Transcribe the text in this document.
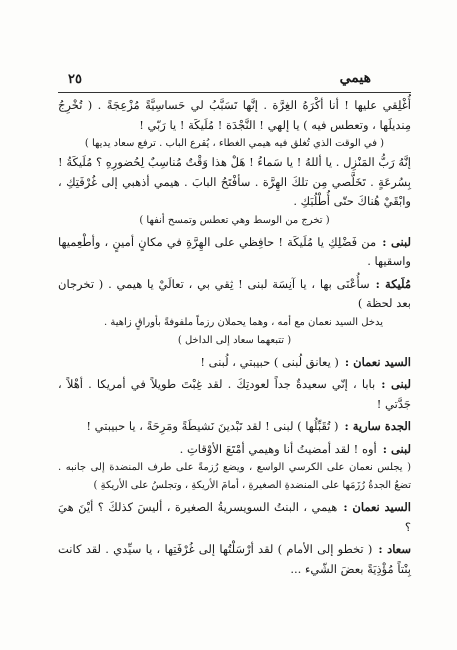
٢٥	هيمي

أُغْلِقي عليها ! أنا أكْرَهُ الغِرَّة . إنَّها تَسَبَّبُ لي حَساسِيَّةً مُزْعِجَةً . ( تُخْرِجُ مِنديلَها ، وتعطس فيه ) يا إلهي ! النَّجْدَة ! مُلَيكَة ! يا رَبّي !

( في الوقت الذي تُغلق فيه هيمي الغطاء ، يُقرع الباب . ترفع سعاد يديها )

إنَّهُ رَبُّ المَنْزِل . يا أللهُ ! يا سَماءُ ! هَلْ هذا وَقْتٌ مُناسِبٌ لِحُضورِهِ ؟ مُلَيكَةُ ! بِسُرعَةٍ . تَخَلَّصي مِن تلكَ الهِرَّة . سأفْتَحُ البابَ . هيمي أذهبي إلى غُرْفَتِكِ ، وابْقَيْ هُناكَ حتّى أُطْلُبَكِ .

( تخرج من الوسط وهي تعطس وتمسح أنفها )

لبنى :من فَضْلِكِ يا مُلَيكَة ! حافِظي على الهِرَّةِ في مكانٍ أمينٍ ، وأطْعِميها واسقيها .

مُلَيكة :سأُعْنَى بها ، يا آنِسَة لبنى ! ثِقي بي ، تعالَيْ يا هيمي . ( تخرجان بعد لحظة )

يدخل السيد نعمان مع أمه ، وهما يحملان رزماً ملفوفةً بأوراقٍ زاهية .

( تتبعهما سعاد إلى الداخل )

السيد نعمان :( يعانق لُبنى ) حبيبتي ، لُبنى !

لبنى :بابا ، إنّي سعيدةٌ جداً لعودتِكَ . لقد غِبْتَ طويلاً في أمريكا . أهْلاً ، جَدَّتي !

الجدة سارية :( تُقَبِّلُها ) لبنى ! لقد تَبْدينَ نَشيطَةً ومَرِحَةً ، يا حبيبتي !

لبنى :أوه ! لقد أمضيتُ أنا وهيمي أمْتَعَ الأوْقاتِ .

( يجلس نعمان على الكرسي الواسع ، ويضع رُزمةً على طرف المنضدة إلى جانبه . تضعُ الجدةُ رُزَمَها على المنضدةِ الصغيرةِ ، أمامَ الأريكةِ ، وتجلسُ على الأريكةِ )

السيد نعمان :هيمي ، البنتُ السويسريةُ الصغيرة ، أليسَ كذلكَ ؟ أيْنَ هيَ ؟

سعاد :( تخطو إلى الأمام ) لقد أرْسَلْتُها إلى غُرْفَتِها ، يا سيِّدي . لقد كانت بِنْتاً مُؤْذِيَةً بعضَ الشّيء ...
